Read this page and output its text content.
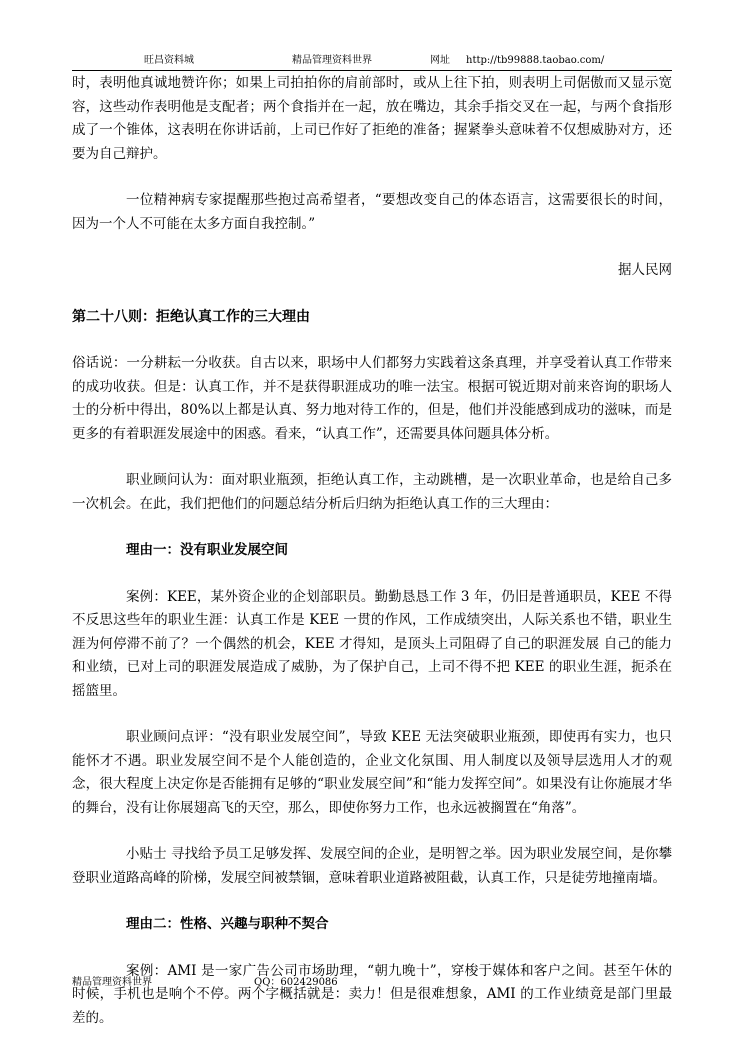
旺昌资料城	精品管理资料世界	网址 http://tb99888.taobao.com/

时，表明他真诚地赞许你；如果上司拍拍你的肩前部时，或从上往下拍，则表明上司倨傲而又显示宽容，这些动作表明他是支配者；两个食指并在一起，放在嘴边，其余手指交叉在一起，与两个食指形成了一个锥体，这表明在你讲话前，上司已作好了拒绝的准备；握紧拳头意味着不仅想威胁对方，还要为自己辩护。

一位精神病专家提醒那些抱过高希望者，“要想改变自己的体态语言，这需要很长的时间，因为一个人不可能在太多方面自我控制。”

据人民网

第二十八则：拒绝认真工作的三大理由

俗话说：一分耕耘一分收获。自古以来，职场中人们都努力实践着这条真理，并享受着认真工作带来的成功收获。但是：认真工作，并不是获得职涯成功的唯一法宝。根据可锐近期对前来咨询的职场人士的分析中得出，80%以上都是认真、努力地对待工作的，但是，他们并没能感到成功的滋味，而是更多的有着职涯发展途中的困惑。看来，“认真工作”，还需要具体问题具体分析。

职业顾问认为：面对职业瓶颈，拒绝认真工作，主动跳槽，是一次职业革命，也是给自己多一次机会。在此，我们把他们的问题总结分析后归纳为拒绝认真工作的三大理由：

理由一：没有职业发展空间

案例：KEE，某外资企业的企划部职员。勤勤恳恳工作 3 年，仍旧是普通职员，KEE 不得不反思这些年的职业生涯：认真工作是 KEE 一贯的作风，工作成绩突出，人际关系也不错，职业生涯为何停滞不前了？一个偶然的机会，KEE 才得知，是顶头上司阻碍了自己的职涯发展 自己的能力和业绩，已对上司的职涯发展造成了威胁，为了保护自己，上司不得不把 KEE 的职业生涯，扼杀在摇篮里。

职业顾问点评：“没有职业发展空间”，导致 KEE 无法突破职业瓶颈，即使再有实力，也只能怀才不遇。职业发展空间不是个人能创造的，企业文化氛围、用人制度以及领导层选用人才的观念，很大程度上决定你是否能拥有足够的“职业发展空间”和“能力发挥空间”。如果没有让你施展才华的舞台，没有让你展翅高飞的天空，那么，即使你努力工作，也永远被搁置在“角落”。

小贴士 寻找给予员工足够发挥、发展空间的企业，是明智之举。因为职业发展空间，是你攀登职业道路高峰的阶梯，发展空间被禁锢，意味着职业道路被阻截，认真工作，只是徒劳地撞南墙。

理由二：性格、兴趣与职种不契合

案例：AMI 是一家广告公司市场助理，“朝九晚十”，穿梭于媒体和客户之间。甚至午休的时候，手机也是响个不停。两个字概括就是：卖力！但是很难想象，AMI 的工作业绩竟是部门里最差的。

精品管理资料世界	QQ：602429086
